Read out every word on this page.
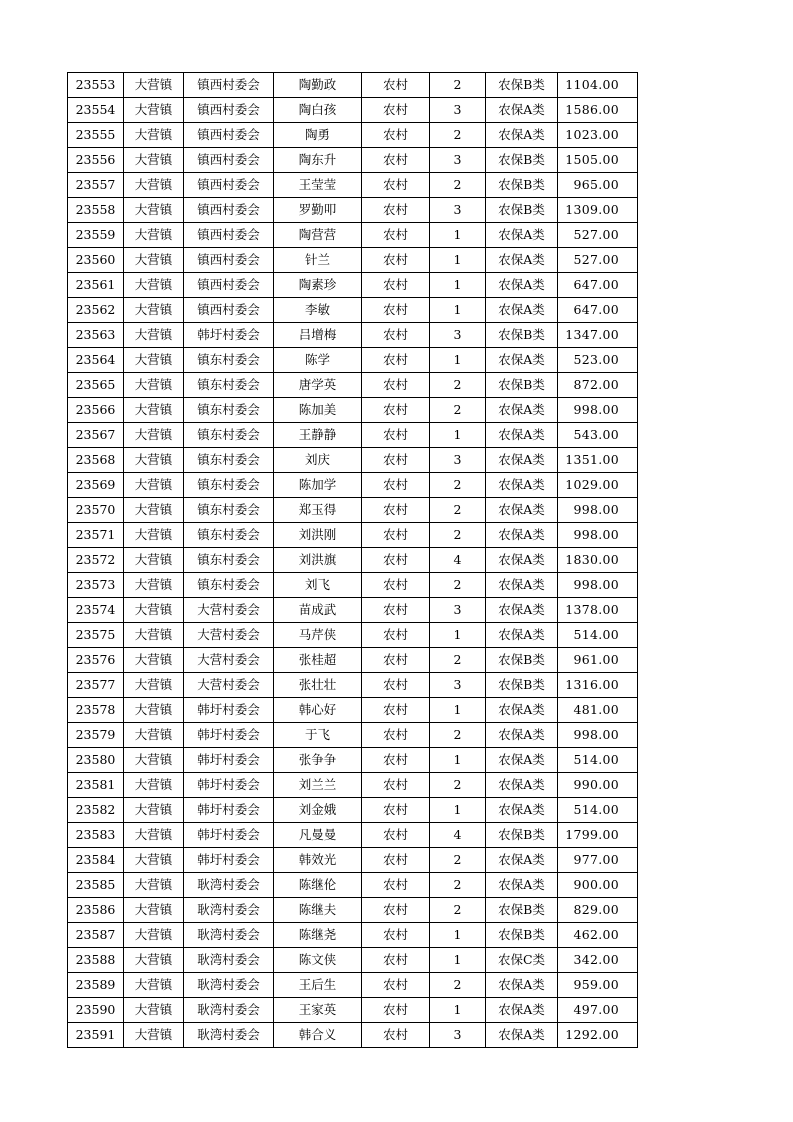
23553	大营镇	镇西村委会	陶勤政	农村	2	农保B类	1104.00
23554	大营镇	镇西村委会	陶白孩	农村	3	农保A类	1586.00
23555	大营镇	镇西村委会	陶勇	农村	2	农保A类	1023.00
23556	大营镇	镇西村委会	陶东升	农村	3	农保B类	1505.00
23557	大营镇	镇西村委会	王莹莹	农村	2	农保B类	965.00
23558	大营镇	镇西村委会	罗勤叩	农村	3	农保B类	1309.00
23559	大营镇	镇西村委会	陶营营	农村	1	农保A类	527.00
23560	大营镇	镇西村委会	针兰	农村	1	农保A类	527.00
23561	大营镇	镇西村委会	陶素珍	农村	1	农保A类	647.00
23562	大营镇	镇西村委会	李敏	农村	1	农保A类	647.00
23563	大营镇	韩圩村委会	吕增梅	农村	3	农保B类	1347.00
23564	大营镇	镇东村委会	陈学	农村	1	农保A类	523.00
23565	大营镇	镇东村委会	唐学英	农村	2	农保B类	872.00
23566	大营镇	镇东村委会	陈加美	农村	2	农保A类	998.00
23567	大营镇	镇东村委会	王静静	农村	1	农保A类	543.00
23568	大营镇	镇东村委会	刘庆	农村	3	农保A类	1351.00
23569	大营镇	镇东村委会	陈加学	农村	2	农保A类	1029.00
23570	大营镇	镇东村委会	郑玉得	农村	2	农保A类	998.00
23571	大营镇	镇东村委会	刘洪刚	农村	2	农保A类	998.00
23572	大营镇	镇东村委会	刘洪旗	农村	4	农保A类	1830.00
23573	大营镇	镇东村委会	刘飞	农村	2	农保A类	998.00
23574	大营镇	大营村委会	苗成武	农村	3	农保A类	1378.00
23575	大营镇	大营村委会	马芹侠	农村	1	农保A类	514.00
23576	大营镇	大营村委会	张桂超	农村	2	农保B类	961.00
23577	大营镇	大营村委会	张壮壮	农村	3	农保B类	1316.00
23578	大营镇	韩圩村委会	韩心好	农村	1	农保A类	481.00
23579	大营镇	韩圩村委会	于飞	农村	2	农保A类	998.00
23580	大营镇	韩圩村委会	张争争	农村	1	农保A类	514.00
23581	大营镇	韩圩村委会	刘兰兰	农村	2	农保A类	990.00
23582	大营镇	韩圩村委会	刘金娥	农村	1	农保A类	514.00
23583	大营镇	韩圩村委会	凡曼曼	农村	4	农保B类	1799.00
23584	大营镇	韩圩村委会	韩效光	农村	2	农保A类	977.00
23585	大营镇	耿湾村委会	陈继伦	农村	2	农保A类	900.00
23586	大营镇	耿湾村委会	陈继夫	农村	2	农保B类	829.00
23587	大营镇	耿湾村委会	陈继尧	农村	1	农保B类	462.00
23588	大营镇	耿湾村委会	陈文侠	农村	1	农保C类	342.00
23589	大营镇	耿湾村委会	王后生	农村	2	农保A类	959.00
23590	大营镇	耿湾村委会	王家英	农村	1	农保A类	497.00
23591	大营镇	耿湾村委会	韩合义	农村	3	农保A类	1292.00
